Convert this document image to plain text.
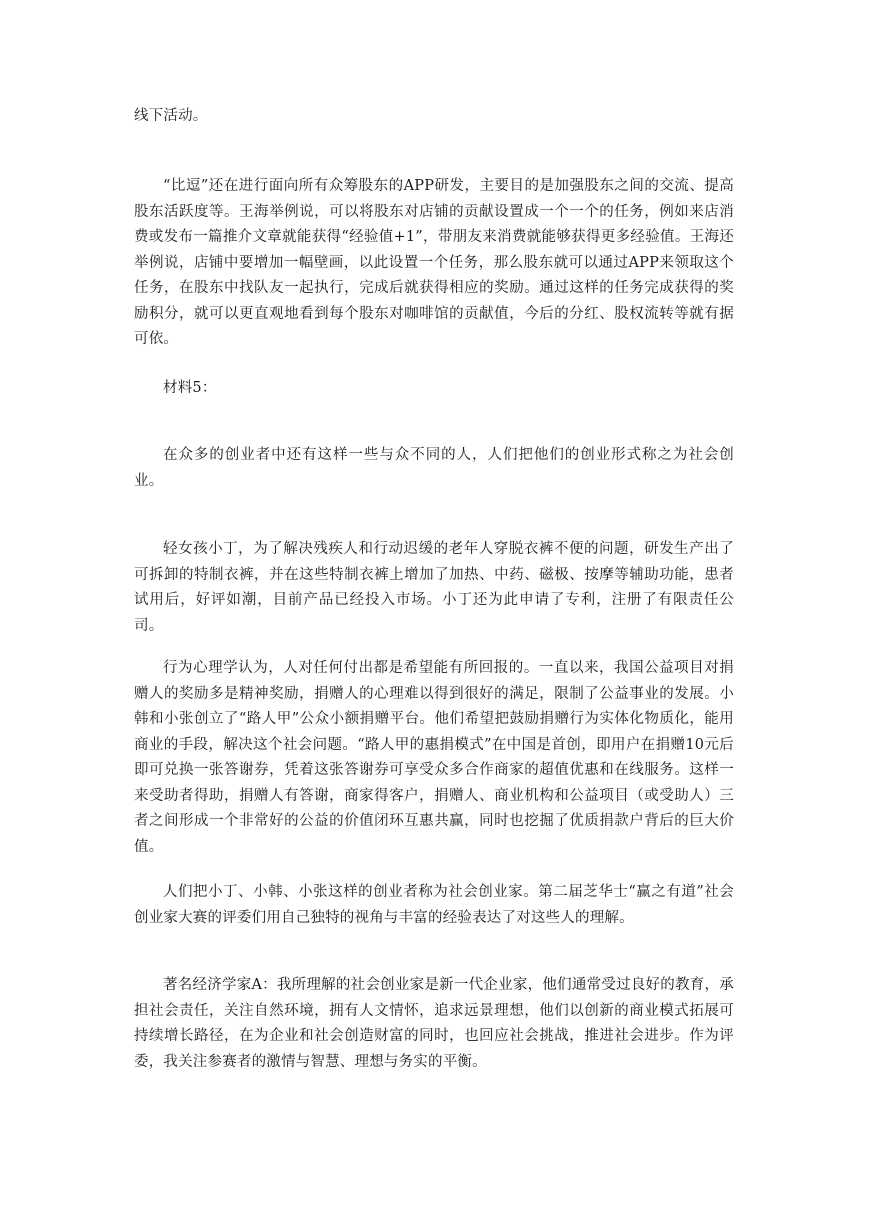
线下活动。

“比逗”还在进行面向所有众筹股东的APP研发，主要目的是加强股东之间的交流、提高股东活跃度等。王海举例说，可以将股东对店铺的贡献设置成一个一个的任务，例如来店消费或发布一篇推介文章就能获得“经验值+1”，带朋友来消费就能够获得更多经验值。王海还举例说，店铺中要增加一幅壁画，以此设置一个任务，那么股东就可以通过APP来领取这个任务，在股东中找队友一起执行，完成后就获得相应的奖励。通过这样的任务完成获得的奖励积分，就可以更直观地看到每个股东对咖啡馆的贡献值，今后的分红、股权流转等就有据可依。

材料5：

在众多的创业者中还有这样一些与众不同的人，人们把他们的创业形式称之为社会创业。

轻女孩小丁，为了解决残疾人和行动迟缓的老年人穿脱衣裤不便的问题，研发生产出了可拆卸的特制衣裤，并在这些特制衣裤上增加了加热、中药、磁极、按摩等辅助功能，患者试用后，好评如潮，目前产品已经投入市场。小丁还为此申请了专利，注册了有限责任公司。

行为心理学认为，人对任何付出都是希望能有所回报的。一直以来，我国公益项目对捐赠人的奖励多是精神奖励，捐赠人的心理难以得到很好的满足，限制了公益事业的发展。小韩和小张创立了“路人甲”公众小额捐赠平台。他们希望把鼓励捐赠行为实体化物质化，能用商业的手段，解决这个社会问题。“路人甲的惠捐模式”在中国是首创，即用户在捐赠10元后即可兑换一张答谢券，凭着这张答谢券可享受众多合作商家的超值优惠和在线服务。这样一来受助者得助，捐赠人有答谢，商家得客户，捐赠人、商业机构和公益项目（或受助人）三者之间形成一个非常好的公益的价值闭环互惠共赢，同时也挖掘了优质捐款户背后的巨大价值。

人们把小丁、小韩、小张这样的创业者称为社会创业家。第二届芝华士“赢之有道”社会创业家大赛的评委们用自己独特的视角与丰富的经验表达了对这些人的理解。

著名经济学家A：我所理解的社会创业家是新一代企业家，他们通常受过良好的教育，承担社会责任，关注自然环境，拥有人文情怀，追求远景理想，他们以创新的商业模式拓展可持续增长路径，在为企业和社会创造财富的同时，也回应社会挑战，推进社会进步。作为评委，我关注参赛者的激情与智慧、理想与务实的平衡。
